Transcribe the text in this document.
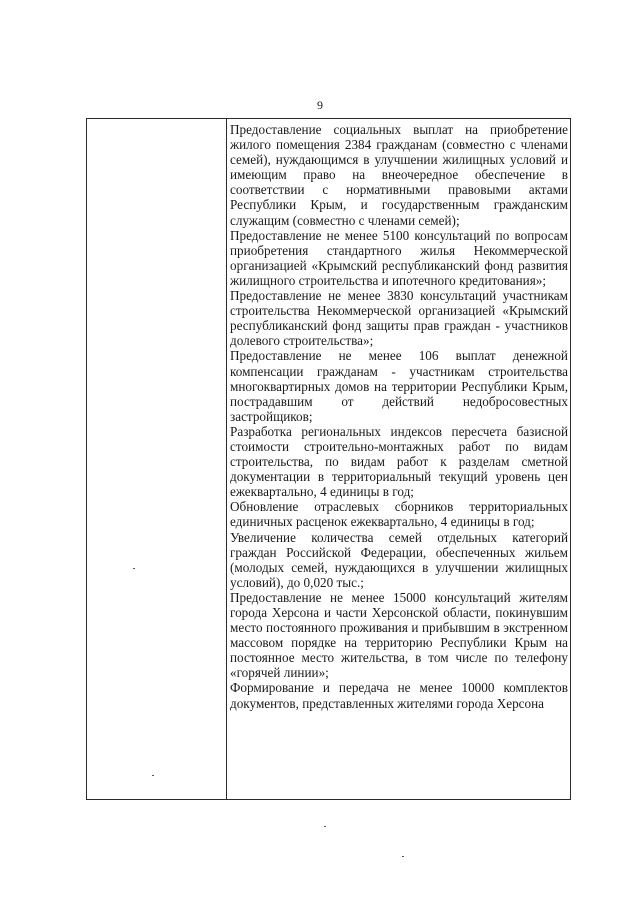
9

Предоставление социальных выплат на приобретение жилого помещения 2384 гражданам (совместно с членами семей), нуждающимся в улучшении жилищных условий и имеющим право на внеочередное обеспечение в соответствии с нормативными правовыми актами Республики Крым, и государственным гражданским служащим (совместно с членами семей);

Предоставление не менее 5100 консультаций по вопросам приобретения стандартного жилья Некоммерческой организацией «Крымский республиканский фонд развития жилищного строительства и ипотечного кредитования»;

Предоставление не менее 3830 консультаций участникам строительства Некоммерческой организацией «Крымский республиканский фонд защиты прав граждан - участников долевого строительства»;

Предоставление не менее 106 выплат денежной компенсации гражданам - участникам строительства многоквартирных домов на территории Республики Крым, пострадавшим от действий недобросовестных застройщиков;

Разработка региональных индексов пересчета базисной стоимости строительно-монтажных работ по видам строительства, по видам работ к разделам сметной документации в территориальный текущий уровень цен ежеквартально, 4 единицы в год;

Обновление отраслевых сборников территориальных единичных расценок ежеквартально, 4 единицы в год;

Увеличение количества семей отдельных категорий граждан Российской Федерации, обеспеченных жильем (молодых семей, нуждающихся в улучшении жилищных условий), до 0,020 тыс.;

Предоставление не менее 15000 консультаций жителям города Херсона и части Херсонской области, покинувшим место постоянного проживания и прибывшим в экстренном массовом порядке на территорию Республики Крым на постоянное место жительства, в том числе по телефону «горячей линии»;

Формирование и передача не менее 10000 комплектов документов, представленных жителями города Херсона
